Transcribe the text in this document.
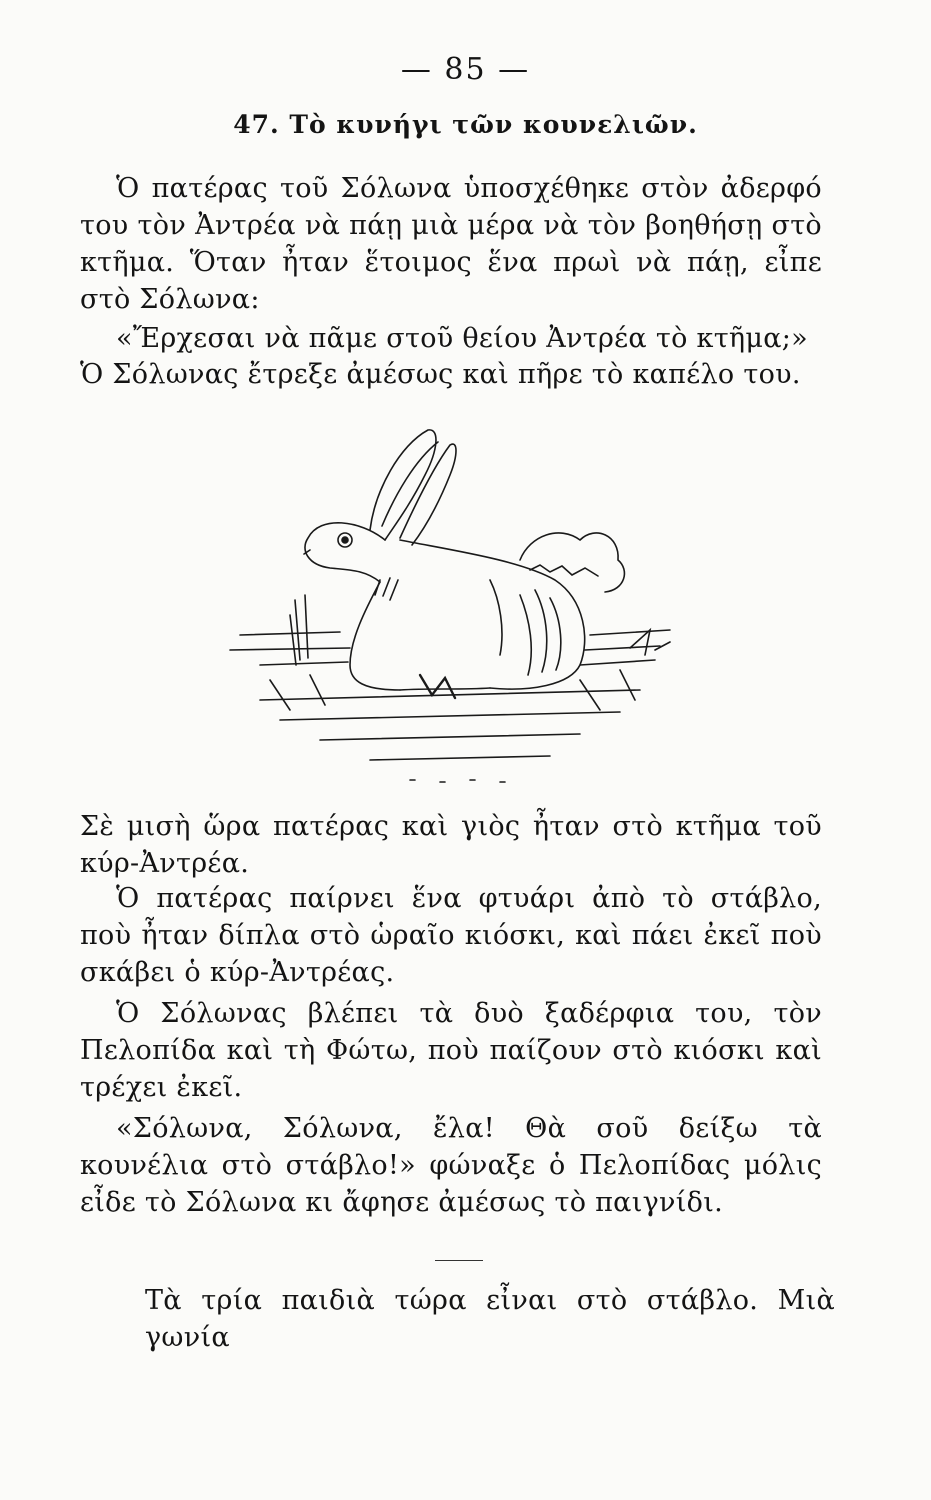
— 85 —
47. Τὸ κυνήγι τῶν κουνελιῶν.

Ὁ πατέρας τοῦ Σόλωνα ὑποσχέθηκε στὸν ἀδερφό του τὸν Ἀντρέα νὰ πάῃ μιὰ μέρα νὰ τὸν βοηθήσῃ στὸ κτῆμα. Ὅταν ἦταν ἕτοιμος ἕνα πρωὶ νὰ πάῃ, εἶπε στὸ Σόλωνα:

«Ἔρχεσαι νὰ πᾶμε στοῦ θείου Ἀντρέα τὸ κτῆμα;»

Ὁ Σόλωνας ἔτρεξε ἀμέσως καὶ πῆρε τὸ καπέλο του.

Σὲ μισὴ ὥρα πατέρας καὶ γιὸς ἦταν στὸ κτῆμα τοῦ κύρ-Ἀντρέα.

Ὁ πατέρας παίρνει ἕνα φτυάρι ἀπὸ τὸ στάβλο, ποὺ ἦταν δίπλα στὸ ὡραῖο κιόσκι, καὶ πάει ἐκεῖ ποὺ σκάβει ὁ κύρ-Ἀντρέας.

Ὁ Σόλωνας βλέπει τὰ δυὸ ξαδέρφια του, τὸν Πελοπίδα καὶ τὴ Φώτω, ποὺ παίζουν στὸ κιόσκι καὶ τρέχει ἐκεῖ.

«Σόλωνα, Σόλωνα, ἔλα! Θὰ σοῦ δείξω τὰ κουνέλια στὸ στάβλο!» φώναξε ὁ Πελοπίδας μόλις εἶδε τὸ Σόλωνα κι ἄφησε ἀμέσως τὸ παιγνίδι.

Τὰ τρία παιδιὰ τώρα εἶναι στὸ στάβλο. Μιὰ γωνία
